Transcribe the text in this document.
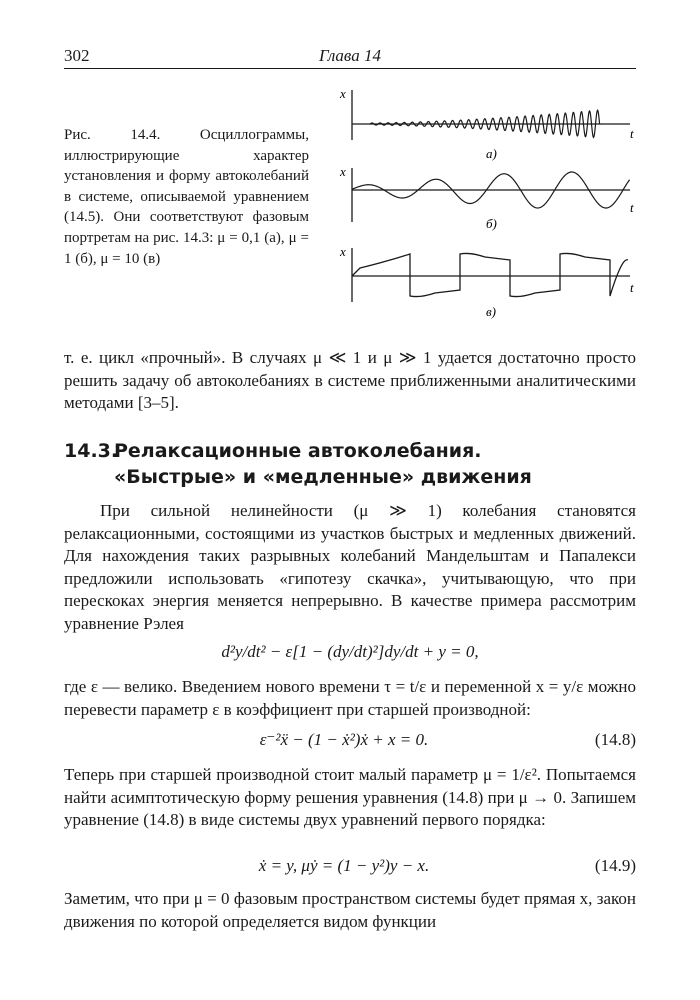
302	Глава 14
Рис. 14.4. Осциллограммы, иллюстрирующие характер установления и форму автоколебаний в системе, описываемой уравнением (14.5). Они соответствуют фазовым портретам на рис. 14.3: μ = 0,1 (а), μ = 1 (б), μ = 10 (в)
x
t
а)
x
t
б)
x
t
в)
т. е. цикл «прочный». В случаях μ ≪ 1 и μ ≫ 1 удается достаточно просто решить задачу об автоколебаниях в системе приближенными аналитическими методами [3–5].
14.3.Релаксационные автоколебания.
«Быстрые» и «медленные» движения
При сильной нелинейности (μ ≫ 1) колебания становятся релаксационными, состоящими из участков быстрых и медленных движений. Для нахождения таких разрывных колебаний Мандельштам и Папалекси предложили использовать «гипотезу скачка», учитывающую, что при перескоках энергия меняется непрерывно. В качестве примера рассмотрим уравнение Рэлея
d²y/dt² − ε[1 − (dy/dt)²]dy/dt + y = 0,
где ε — велико. Введением нового времени τ = t/ε и переменной x = y/ε можно перевести параметр ε в коэффициент при старшей производной:
ε⁻²ẍ − (1 − ẋ²)ẋ + x = 0.	(14.8)
Теперь при старшей производной стоит малый параметр μ = 1/ε². Попытаемся найти асимптотическую форму решения уравнения (14.8) при μ → 0. Запишем уравнение (14.8) в виде системы двух уравнений первого порядка:
ẋ = y, μẏ = (1 − y²)y − x.	(14.9)
Заметим, что при μ = 0 фазовым пространством системы будет прямая x, закон движения по которой определяется видом функции
